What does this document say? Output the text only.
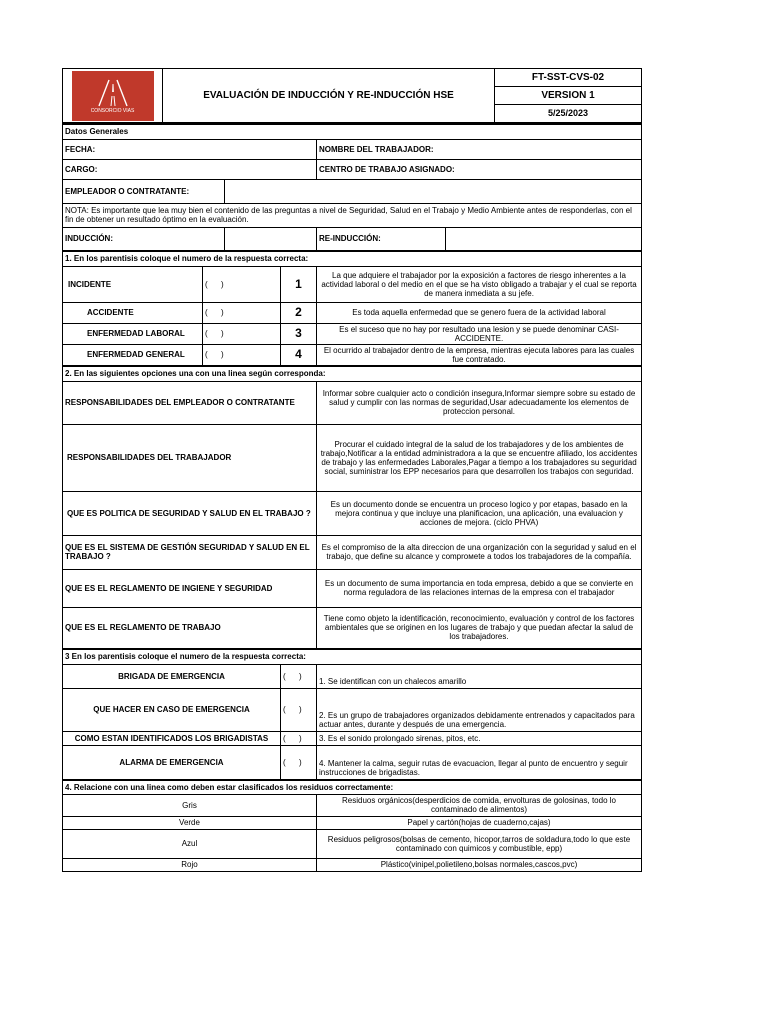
CONSORCIO VIAS
	EVALUACIÓN DE INDUCCIÓN Y RE-INDUCCIÓN HSE	FT-SST-CVS-02
VERSION 1
5/25/2023
Datos Generales			
FECHA:		NOMBRE DEL TRABAJADOR:	
CARGO:		CENTRO DE TRABAJO ASIGNADO:	
EMPLEADOR O CONTRATANTE:			
NOTA: Es importante que lea muy bien el contenido de las preguntas a nivel de Seguridad, Salud en el Trabajo y Medio Ambiente antes de responderlas, con el fin de obtener un resultado óptimo en la evaluación.			
INDUCCIÓN:		RE-INDUCCIÓN:	
1. En los parentisis coloque el numero de la respuesta correcta:			
INCIDENTE	(      )	1	La que adquiere el trabajador por la exposición a factores de riesgo inherentes a la actividad laboral o del medio en el que se ha visto obligado a trabajar y el cual se reporta de manera inmediata a su jefe.
ACCIDENTE	(      )	2	Es toda aquella enfermedad que se genero fuera de la actividad laboral
ENFERMEDAD LABORAL	(      )	3	Es el suceso que no hay por resultado una lesion y se puede denominar CASI-ACCIDENTE.
ENFERMEDAD GENERAL	(      )	4	El ocurrido al trabajador dentro de la empresa, mientras ejecuta labores para las cuales fue contratado.
2. En las siguientes opciones una con una linea según corresponda:	
RESPONSABILIDADES DEL EMPLEADOR O CONTRATANTE	Informar sobre cualquier acto o condición insegura,Informar siempre sobre su estado de salud y cumplir con las normas de seguridad,Usar adecuadamente los elementos de proteccion personal.
RESPONSABILIDADES DEL TRABAJADOR	Procurar el cuidado integral de la salud de los trabajadores y de los ambientes de trabajo,Notificar a la entidad administradora a la que se encuentre afiliado, los accidentes de trabajo y las enfermedades Laborales,Pagar a tiempo a los trabajadores su seguridad social, suministrar los EPP necesarios para que desarrollen los trabajos con seguridad.
QUE ES POLITICA DE SEGURIDAD Y SALUD EN EL TRABAJO ?	Es un documento donde se encuentra un proceso logico y por etapas, basado en la mejora continua y que incluye una planificacion, una aplicación, una evaluacion y acciones de mejora. (ciclo PHVA)
QUE ES EL SISTEMA DE GESTIÓN SEGURIDAD Y SALUD EN EL TRABAJO ?	Es el compromiso de la alta direccion de una organización con la seguridad y salud en el trabajo, que define su alcance y comprомete a todos los trabajadores de la compañía.
QUE ES EL REGLAMENTO DE INGIENE Y SEGURIDAD	Es un documento de suma importancia en toda empresa, debido a que se convierte en norma reguladora de las relaciones internas de la empresa con el trabajador
QUE ES EL REGLAMENTO DE TRABAJO	Tiene como objeto la identificación, reconocimiento, evaluación y control de los factores ambientales que se originen en los lugares de trabajo y que puedan afectar la salud de los trabajadores.
3 En los parentisis coloque el numero de la respuesta correcta:		
BRIGADA DE EMERGENCIA	(      )	1. Se identifican con un chalecos amarillo
QUE HACER EN CASO DE EMERGENCIA	(      )	2. Es un grupo de trabajadores organizados debidamente entrenados y capacitados para actuar antes, durante y después de una emergencia.
COMO ESTAN IDENTIFICADOS LOS BRIGADISTAS	(      )	3. Es el sonido prolongado sirenas, pitos, etc.
ALARMA DE EMERGENCIA	(      )	4. Mantener la calma, seguir rutas de evacuacion, llegar al punto de encuentro y seguir instrucciones de brigadistas.
4. Relacione con una linea como deben estar clasificados los residuos correctamente:	
Gris	Residuos orgánicos(desperdicios de comida, envolturas de golosinas, todo lo contaminado de alimentos)
Verde	Papel y cartón(hojas de cuaderno,cajas)
Azul	Residuos peligrosos(bolsas de cemento, hicopor,tarros de soldadura,todo lo que este contaminado con quimicos y combustible, epp)
Rojo	Plástico(vinipel,polietileno,bolsas normales,cascos,pvc)
